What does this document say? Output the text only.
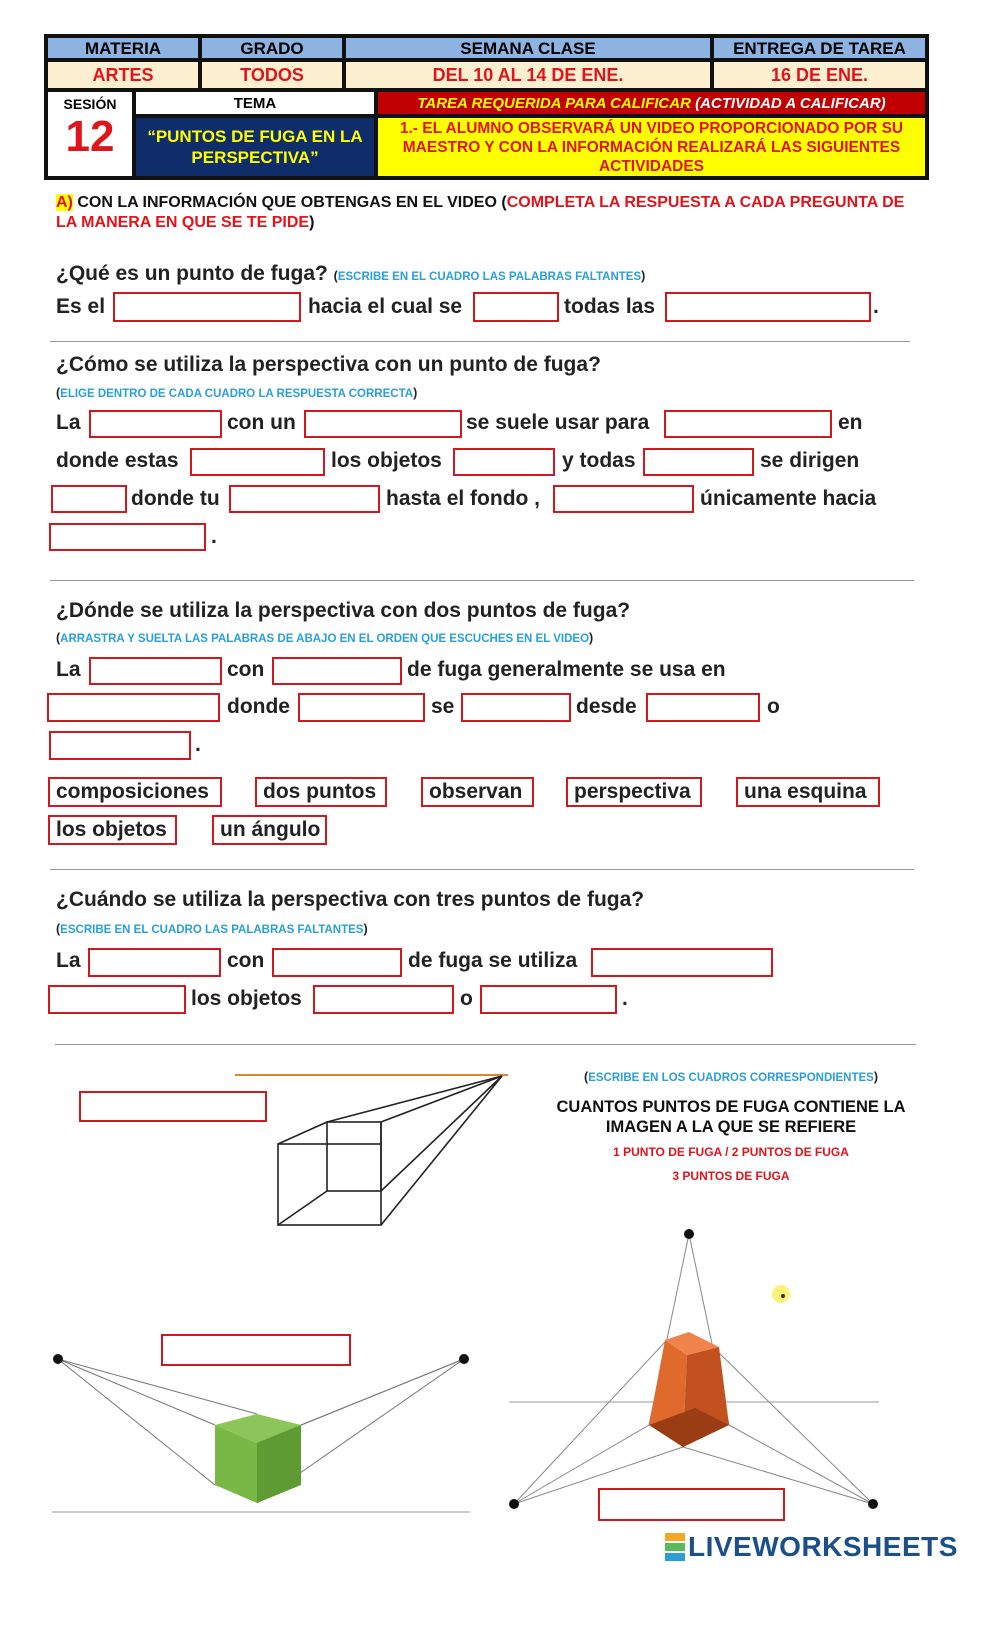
MATERIA	GRADO	SEMANA CLASE	ENTREGA DE TAREA
ARTES	TODOS	DEL 10 AL 14 DE ENE.	16 DE ENE.
SESIÓN
12
TEMA
“PUNTOS DE FUGA EN LA PERSPECTIVA”
TAREA REQUERIDA PARA CALIFICAR (ACTIVIDAD A CALIFICAR)
1.- EL ALUMNO OBSERVARÁ UN VIDEO PROPORCIONADO POR SU MAESTRO Y CON LA INFORMACIÓN REALIZARÁ LAS SIGUIENTES ACTIVIDADES
A) CON LA INFORMACIÓN QUE OBTENGAS EN EL VIDEO (COMPLETA LA RESPUESTA A CADA PREGUNTA DE LA MANERA EN QUE SE TE PIDE)
¿Qué es un punto de fuga? (ESCRIBE EN EL CUADRO LAS PALABRAS FALTANTES)
Es el	hacia el cual se	todas las	.
¿Cómo se utiliza la perspectiva con un punto de fuga?
(ELIGE DENTRO DE CADA CUADRO LA RESPUESTA CORRECTA)
La	con un	se suele usar para	en
donde estas	los objetos	y todas	se dirigen
donde tu	hasta el fondo ,	únicamente hacia
.
¿Dónde se utiliza la perspectiva con dos puntos de fuga?
(ARRASTRA Y SUELTA LAS PALABRAS DE ABAJO EN EL ORDEN QUE ESCUCHES EN EL VIDEO)
La	con	de fuga generalmente se usa en
donde	se	desde	o
.
composiciones	dos puntos	observan	perspectiva	una esquina
los objetos	un ángulo
¿Cuándo se utiliza la perspectiva con tres puntos de fuga?
(ESCRIBE EN EL CUADRO LAS PALABRAS FALTANTES)
La	con	de fuga se utiliza
los objetos	o	.
(ESCRIBE EN LOS CUADROS CORRESPONDIENTES)
CUANTOS PUNTOS DE FUGA CONTIENE LA IMAGEN A LA QUE SE REFIERE
1 PUNTO DE FUGA / 2 PUNTOS DE FUGA
3 PUNTOS DE FUGA
LIVEWORKSHEETS
